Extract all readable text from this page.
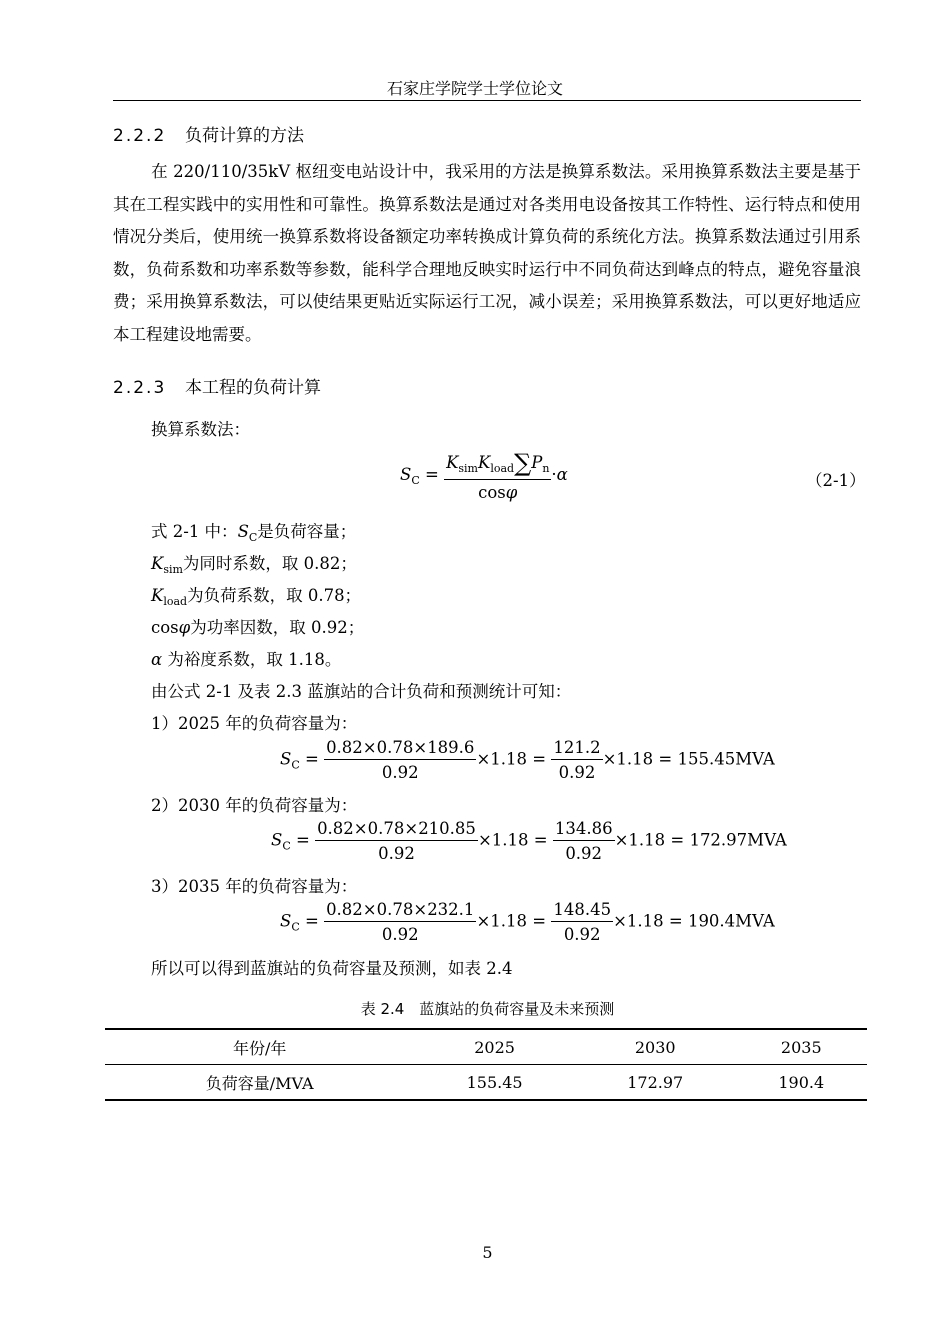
石家庄学院学士学位论文
2.2.2 负荷计算的方法
在 220/110/35kV 枢纽变电站设计中，我采用的方法是换算系数法。采用换算系数法主要是基于其在工程实践中的实用性和可靠性。换算系数法是通过对各类用电设备按其工作特性、运行特点和使用情况分类后，使用统一换算系数将设备额定功率转换成计算负荷的系统化方法。换算系数法通过引用系数，负荷系数和功率系数等参数，能科学合理地反映实时运行中不同负荷达到峰点的特点，避免容量浪费；采用换算系数法，可以使结果更贴近实际运行工况，减小误差；采用换算系数法，可以更好地适应本工程建设地需要。
2.2.3 本工程的负荷计算
换算系数法：
$S_C = \frac{K_{sim}K_{load}\sum P_n}{\cos\varphi} \cdot\alpha$	（2-1）
式 2-1 中：$S_C$是负荷容量；
$K_{sim}$为同时系数，取 0.82；
$K_{load}$为负荷系数，取 0.78；
cosφ为功率因数，取 0.92；
α 为裕度系数，取 1.18。
由公式 2-1 及表 2.3 蓝旗站的合计负荷和预测统计可知：
1）2025 年的负荷容量为：
$S_C = \frac{0.82\times 0.78\times 189.6}{0.92} \times 1.18 = \frac{121.2}{0.92} \times 1.18 = 155.45MVA$
2）2030 年的负荷容量为：
$S_C = \frac{0.82\times 0.78\times 210.85}{0.92} \times 1.18 = \frac{134.86}{0.92} \times 1.18 = 172.97MVA$
3）2035 年的负荷容量为：
$S_C = \frac{0.82\times 0.78\times 232.1}{0.92} \times 1.18 = \frac{148.45}{0.92} \times 1.18 = 190.4MVA$
所以可以得到蓝旗站的负荷容量及预测，如表 2.4
表 2.4　蓝旗站的负荷容量及未来预测
年份/年	2025	2030	2035
负荷容量/MVA	155.45	172.97	190.4
5
